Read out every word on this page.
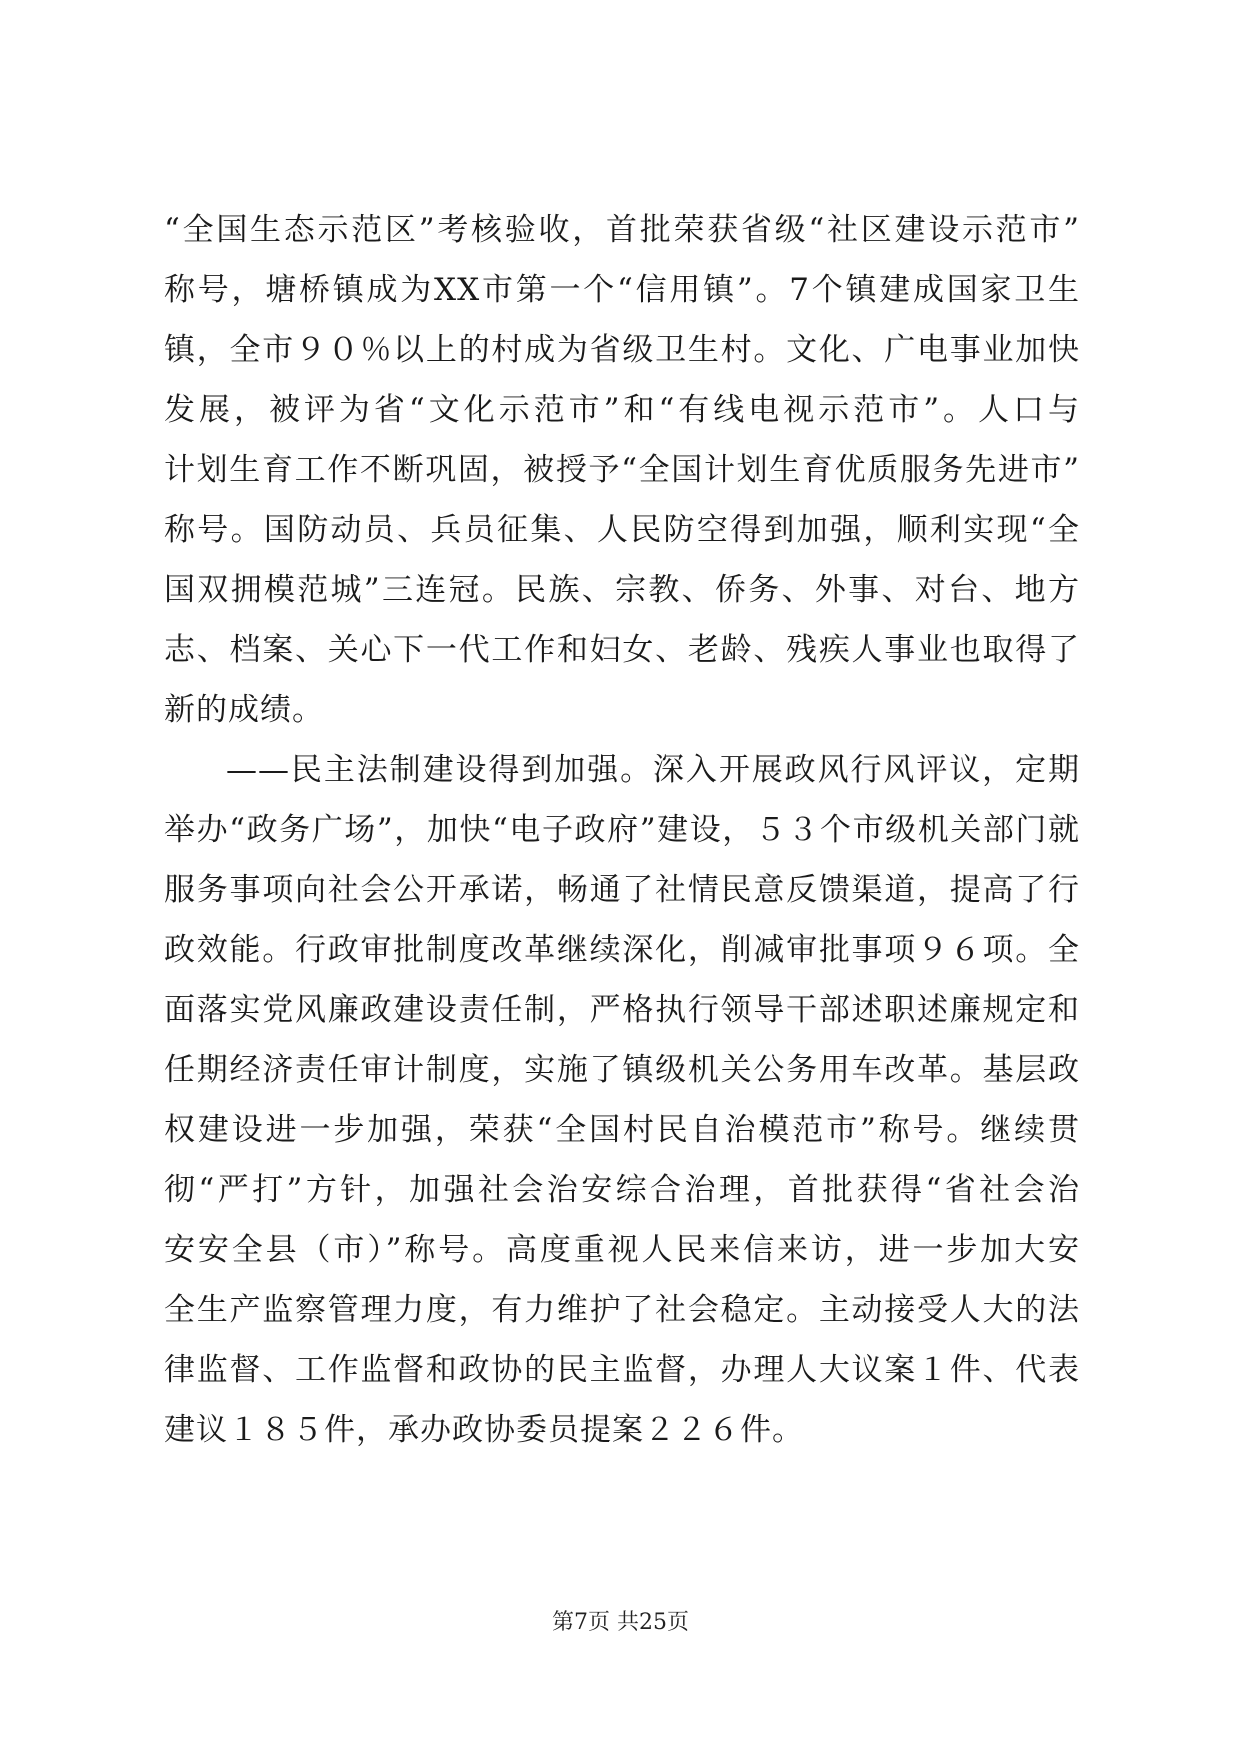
“全国生态示范区”考核验收，首批荣获省级“社区建设示范市”
称号，塘桥镇成为XX市第一个“信用镇”。7个镇建成国家卫生
镇，全市９０％以上的村成为省级卫生村。文化、广电事业加快
发展，被评为省“文化示范市”和“有线电视示范市”。人口与
计划生育工作不断巩固，被授予“全国计划生育优质服务先进市”
称号。国防动员、兵员征集、人民防空得到加强，顺利实现“全
国双拥模范城”三连冠。民族、宗教、侨务、外事、对台、地方
志、档案、关心下一代工作和妇女、老龄、残疾人事业也取得了
新的成绩。
——民主法制建设得到加强。深入开展政风行风评议，定期
举办“政务广场”，加快“电子政府”建设，５３个市级机关部门就
服务事项向社会公开承诺，畅通了社情民意反馈渠道，提高了行
政效能。行政审批制度改革继续深化，削减审批事项９６项。全
面落实党风廉政建设责任制，严格执行领导干部述职述廉规定和
任期经济责任审计制度，实施了镇级机关公务用车改革。基层政
权建设进一步加强，荣获“全国村民自治模范市”称号。继续贯
彻“严打”方针，加强社会治安综合治理，首批获得“省社会治
安安全县（市）”称号。高度重视人民来信来访，进一步加大安
全生产监察管理力度，有力维护了社会稳定。主动接受人大的法
律监督、工作监督和政协的民主监督，办理人大议案１件、代表
建议１８５件，承办政协委员提案２２６件。
第7页 共25页
